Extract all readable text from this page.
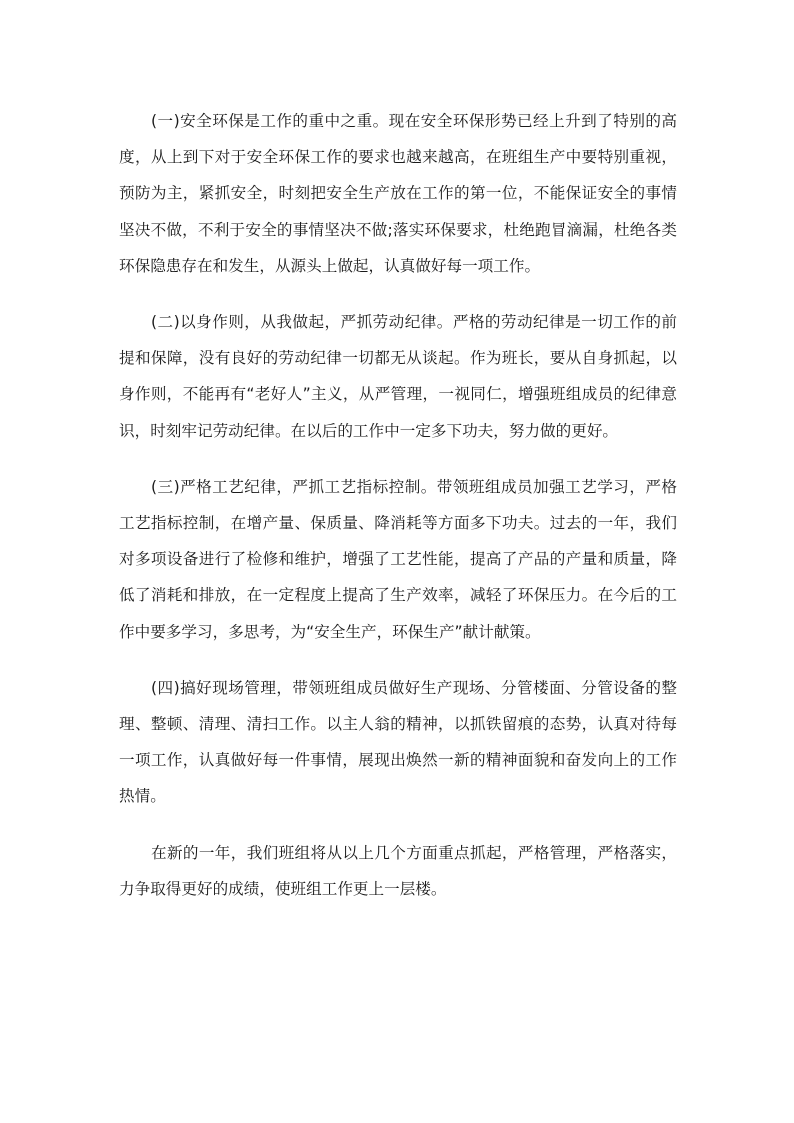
(一)安全环保是工作的重中之重。现在安全环保形势已经上升到了特别的高度，从上到下对于安全环保工作的要求也越来越高，在班组生产中要特别重视，预防为主，紧抓安全，时刻把安全生产放在工作的第一位，不能保证安全的事情坚决不做，不利于安全的事情坚决不做;落实环保要求，杜绝跑冒滴漏，杜绝各类环保隐患存在和发生，从源头上做起，认真做好每一项工作。

(二)以身作则，从我做起，严抓劳动纪律。严格的劳动纪律是一切工作的前提和保障，没有良好的劳动纪律一切都无从谈起。作为班长，要从自身抓起，以身作则，不能再有“老好人”主义，从严管理，一视同仁，增强班组成员的纪律意识，时刻牢记劳动纪律。在以后的工作中一定多下功夫，努力做的更好。

(三)严格工艺纪律，严抓工艺指标控制。带领班组成员加强工艺学习，严格工艺指标控制，在增产量、保质量、降消耗等方面多下功夫。过去的一年，我们对多项设备进行了检修和维护，增强了工艺性能，提高了产品的产量和质量，降低了消耗和排放，在一定程度上提高了生产效率，减轻了环保压力。在今后的工作中要多学习，多思考，为“安全生产，环保生产”献计献策。

(四)搞好现场管理，带领班组成员做好生产现场、分管楼面、分管设备的整理、整顿、清理、清扫工作。以主人翁的精神，以抓铁留痕的态势，认真对待每一项工作，认真做好每一件事情，展现出焕然一新的精神面貌和奋发向上的工作热情。

在新的一年，我们班组将从以上几个方面重点抓起，严格管理，严格落实，力争取得更好的成绩，使班组工作更上一层楼。
